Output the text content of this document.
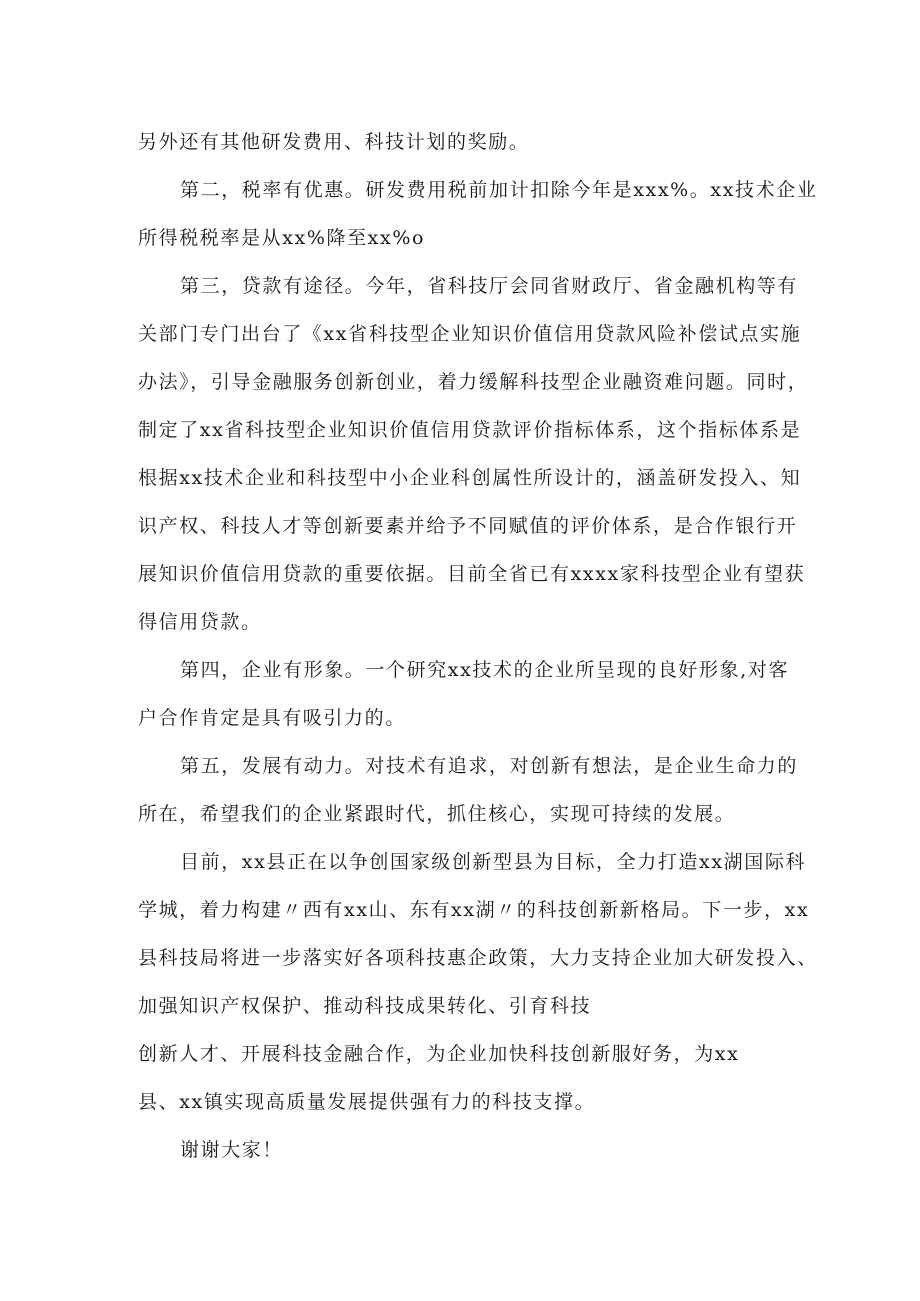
另外还有其他研发费用、科技计划的奖励。
第二，税率有优惠。研发费用税前加计扣除今年是xxx%。xx技术企业
所得税税率是从xx%降至xx%o
第三，贷款有途径。今年，省科技厅会同省财政厅、省金融机构等有
关部门专门出台了《xx省科技型企业知识价值信用贷款风险补偿试点实施
办法》，引导金融服务创新创业，着力缓解科技型企业融资难问题。同时，
制定了xx省科技型企业知识价值信用贷款评价指标体系，这个指标体系是
根据xx技术企业和科技型中小企业科创属性所设计的，涵盖研发投入、知
识产权、科技人才等创新要素并给予不同赋值的评价体系，是合作银行开
展知识价值信用贷款的重要依据。目前全省已有xxxx家科技型企业有望获
得信用贷款。
第四，企业有形象。一个研究xx技术的企业所呈现的良好形象,对客
户合作肯定是具有吸引力的。
第五，发展有动力。对技术有追求，对创新有想法，是企业生命力的
所在，希望我们的企业紧跟时代，抓住核心，实现可持续的发展。
目前，xx县正在以争创国家级创新型县为目标，全力打造xx湖国际科
学城，着力构建〃西有xx山、东有xx湖〃的科技创新新格局。下一步，xx
县科技局将进一步落实好各项科技惠企政策，大力支持企业加大研发投入、
加强知识产权保护、推动科技成果转化、引育科技
创新人才、开展科技金融合作，为企业加快科技创新服好务，为xx
县、xx镇实现高质量发展提供强有力的科技支撑。
谢谢大家！
